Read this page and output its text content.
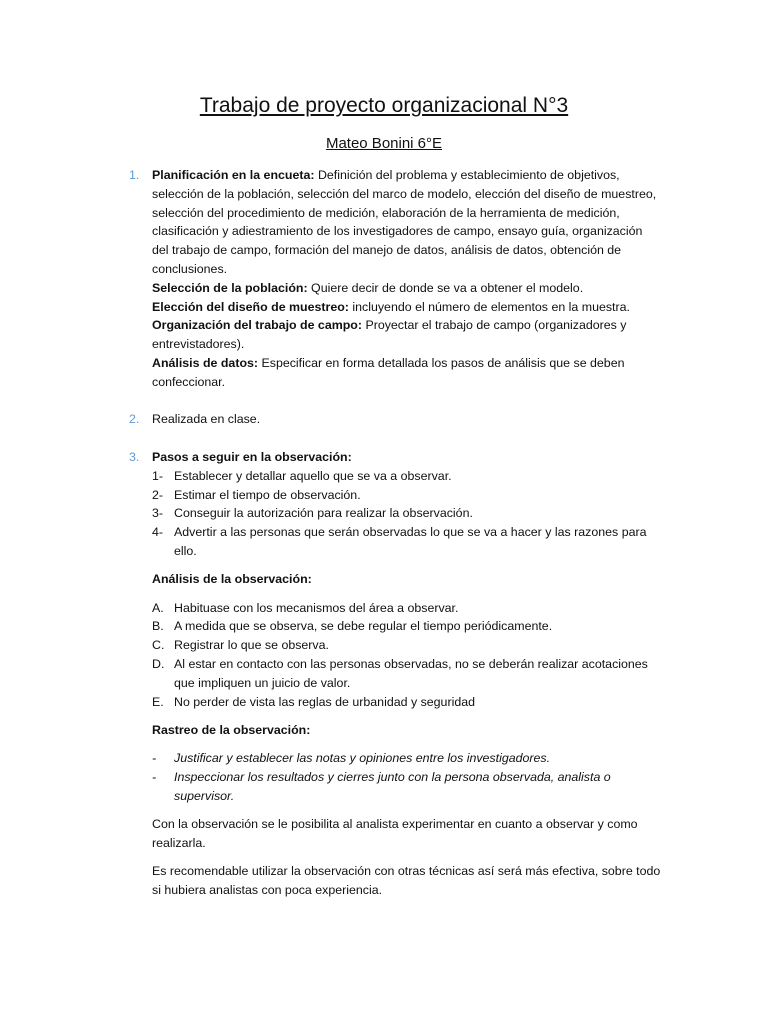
Trabajo de proyecto organizacional N°3
Mateo Bonini 6°E
1. Planificación en la encueta: Definición del problema y establecimiento de objetivos, selección de la población, selección del marco de modelo, elección del diseño de muestreo, selección del procedimiento de medición, elaboración de la herramienta de medición, clasificación y adiestramiento de los investigadores de campo, ensayo guía, organización del trabajo de campo, formación del manejo de datos, análisis de datos, obtención de conclusiones.
Selección de la población: Quiere decir de donde se va a obtener el modelo.
Elección del diseño de muestreo: incluyendo el número de elementos en la muestra.
Organización del trabajo de campo: Proyectar el trabajo de campo (organizadores y entrevistadores).
Análisis de datos: Especificar en forma detallada los pasos de análisis que se deben confeccionar.
2. Realizada en clase.
3. Pasos a seguir en la observación:
1- Establecer y detallar aquello que se va a observar.
2- Estimar el tiempo de observación.
3- Conseguir la autorización para realizar la observación.
4- Advertir a las personas que serán observadas lo que se va a hacer y las razones para ello.
Análisis de la observación:
A. Habituase con los mecanismos del área a observar.
B. A medida que se observa, se debe regular el tiempo periódicamente.
C. Registrar lo que se observa.
D. Al estar en contacto con las personas observadas, no se deberán realizar acotaciones que impliquen un juicio de valor.
E. No perder de vista las reglas de urbanidad y seguridad
Rastreo de la observación:
- Justificar y establecer las notas y opiniones entre los investigadores.
- Inspeccionar los resultados y cierres junto con la persona observada, analista o supervisor.
Con la observación se le posibilita al analista experimentar en cuanto a observar y como realizarla.
Es recomendable utilizar la observación con otras técnicas así será más efectiva, sobre todo si hubiera analistas con poca experiencia.
